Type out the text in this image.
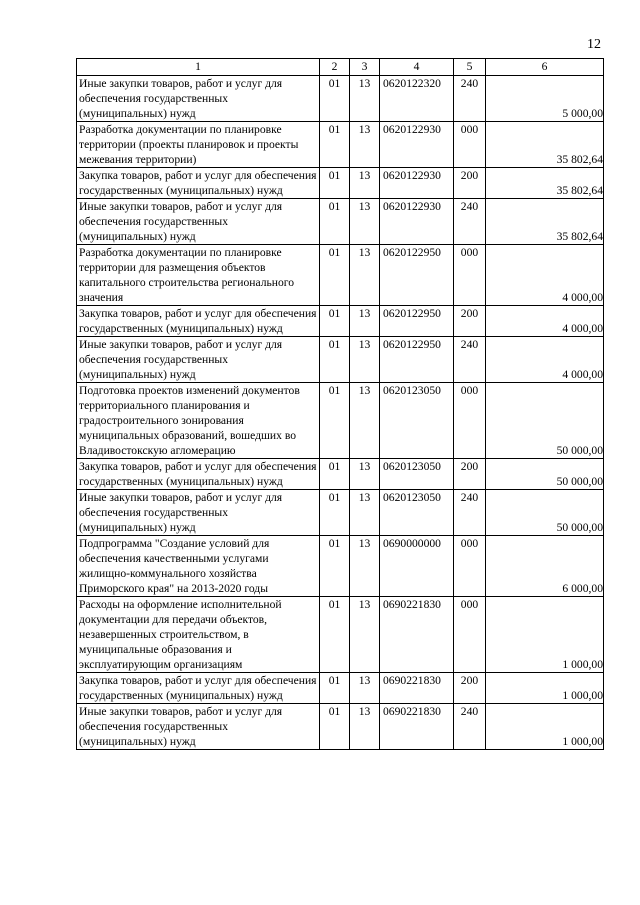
12
1	2	3	4	5	6
Иные закупки товаров, работ и услуг для обеспечения государственных (муниципальных) нужд	01	13	0620122320	240	5 000,00
Разработка документации по планировке территории (проекты планировок и проекты межевания территории)	01	13	0620122930	000	35 802,64
Закупка товаров, работ и услуг для обеспечения государственных (муниципальных) нужд	01	13	0620122930	200	35 802,64
Иные закупки товаров, работ и услуг для обеспечения государственных (муниципальных) нужд	01	13	0620122930	240	35 802,64
Разработка документации по планировке территории для размещения объектов капитального строительства регионального значения	01	13	0620122950	000	4 000,00
Закупка товаров, работ и услуг для обеспечения государственных (муниципальных) нужд	01	13	0620122950	200	4 000,00
Иные закупки товаров, работ и услуг для обеспечения государственных (муниципальных) нужд	01	13	0620122950	240	4 000,00
Подготовка проектов изменений документов территориального планирования и градостроительного зонирования муниципальных образований, вошедших во Владивостокскую агломерацию	01	13	0620123050	000	50 000,00
Закупка товаров, работ и услуг для обеспечения государственных (муниципальных) нужд	01	13	0620123050	200	50 000,00
Иные закупки товаров, работ и услуг для обеспечения государственных (муниципальных) нужд	01	13	0620123050	240	50 000,00
Подпрограмма "Создание условий для обеспечения качественными услугами жилищно-коммунального хозяйства Приморского края" на 2013-2020 годы	01	13	0690000000	000	6 000,00
Расходы на оформление исполнительной документации для передачи объектов, незавершенных строительством, в муниципальные образования и эксплуатирующим организациям	01	13	0690221830	000	1 000,00
Закупка товаров, работ и услуг для обеспечения государственных (муниципальных) нужд	01	13	0690221830	200	1 000,00
Иные закупки товаров, работ и услуг для обеспечения государственных (муниципальных) нужд	01	13	0690221830	240	1 000,00
